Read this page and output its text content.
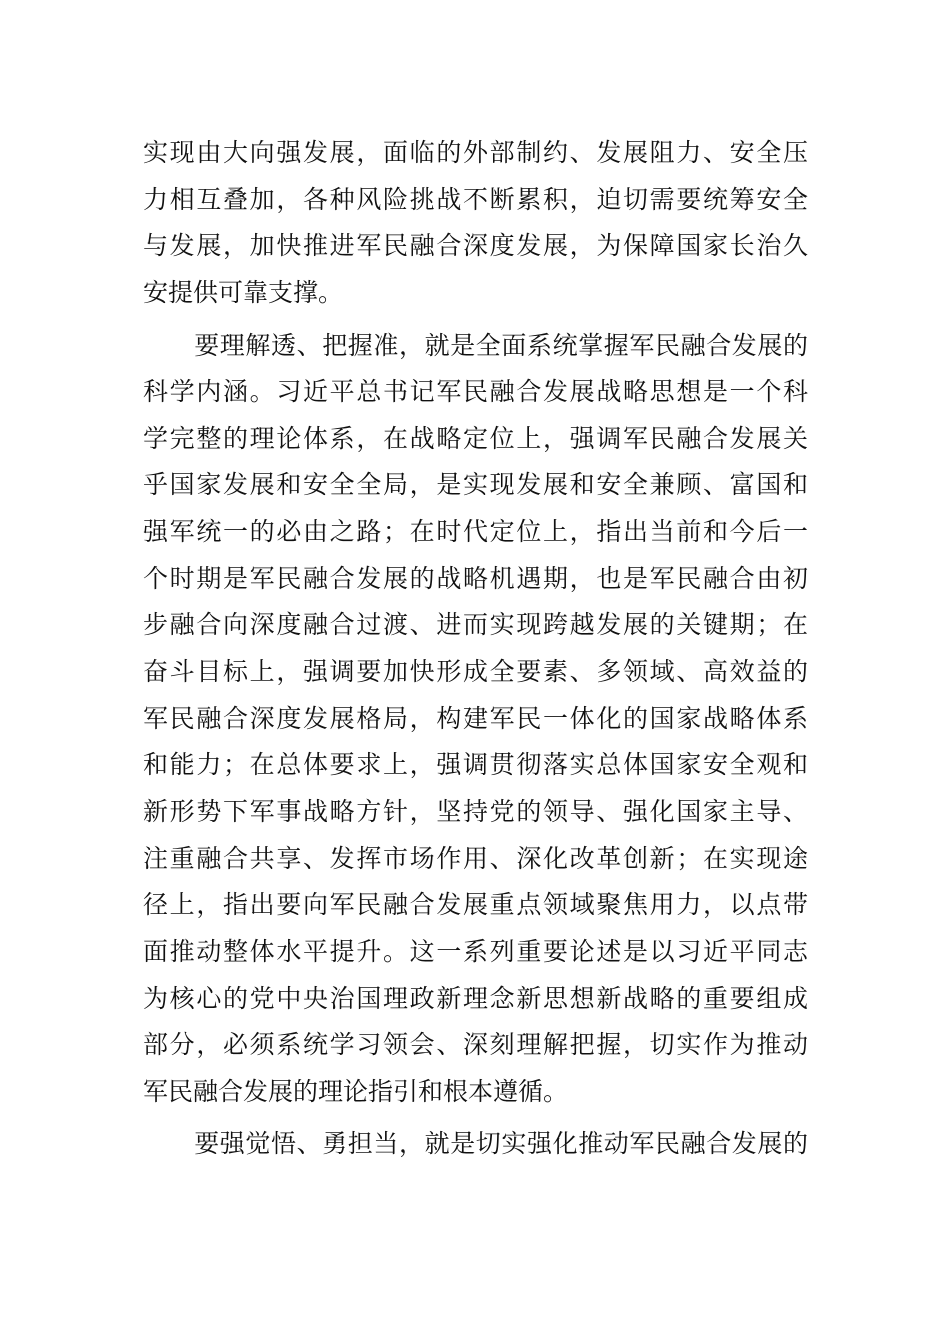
实现由大向强发展，面临的外部制约、发展阻力、安全压
力相互叠加，各种风险挑战不断累积，迫切需要统筹安全
与发展，加快推进军民融合深度发展，为保障国家长治久
安提供可靠支撑。
　　要理解透、把握准，就是全面系统掌握军民融合发展的
科学内涵。习近平总书记军民融合发展战略思想是一个科
学完整的理论体系，在战略定位上，强调军民融合发展关
乎国家发展和安全全局，是实现发展和安全兼顾、富国和
强军统一的必由之路；在时代定位上，指出当前和今后一
个时期是军民融合发展的战略机遇期，也是军民融合由初
步融合向深度融合过渡、进而实现跨越发展的关键期；在
奋斗目标上，强调要加快形成全要素、多领域、高效益的
军民融合深度发展格局，构建军民一体化的国家战略体系
和能力；在总体要求上，强调贯彻落实总体国家安全观和
新形势下军事战略方针，坚持党的领导、强化国家主导、
注重融合共享、发挥市场作用、深化改革创新；在实现途
径上，指出要向军民融合发展重点领域聚焦用力，以点带
面推动整体水平提升。这一系列重要论述是以习近平同志
为核心的党中央治国理政新理念新思想新战略的重要组成
部分，必须系统学习领会、深刻理解把握，切实作为推动
军民融合发展的理论指引和根本遵循。
　　要强觉悟、勇担当，就是切实强化推动军民融合发展的
